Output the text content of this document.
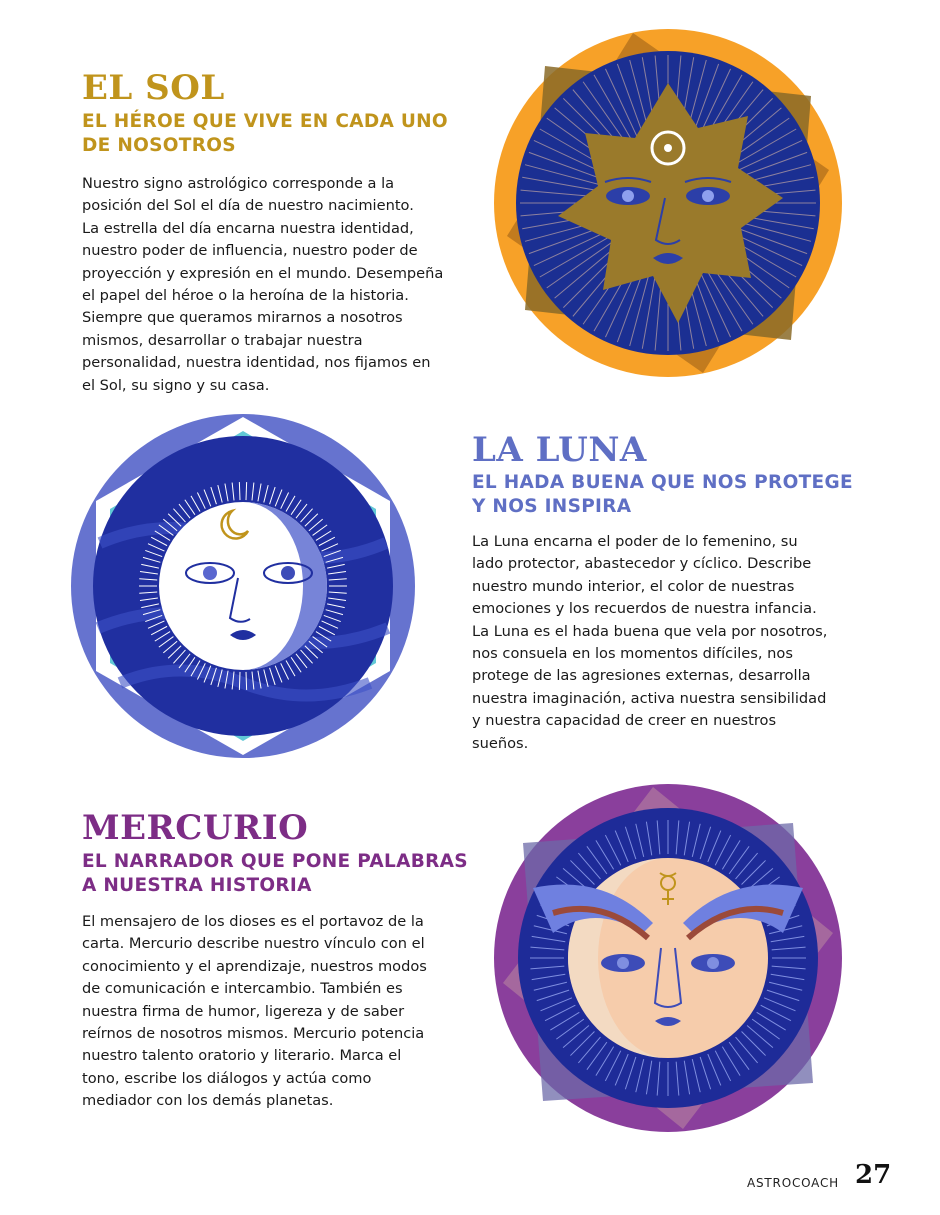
EL SOL
EL HÉROE QUE VIVE EN CADA UNO
DE NOSOTROS
Nuestro signo astrológico corresponde a la
posición del Sol el día de nuestro nacimiento.
La estrella del día encarna nuestra identidad,
nuestro poder de influencia, nuestro poder de
proyección y expresión en el mundo. Desempeña
el papel del héroe o la heroína de la historia.
Siempre que queramos mirarnos a nosotros
mismos, desarrollar o trabajar nuestra
personalidad, nuestra identidad, nos fijamos en
el Sol, su signo y su casa.
LA LUNA
EL HADA BUENA QUE NOS PROTEGE
Y NOS INSPIRA
La Luna encarna el poder de lo femenino, su
lado protector, abastecedor y cíclico. Describe
nuestro mundo interior, el color de nuestras
emociones y los recuerdos de nuestra infancia.
La Luna es el hada buena que vela por nosotros,
nos consuela en los momentos difíciles, nos
protege de las agresiones externas, desarrolla
nuestra imaginación, activa nuestra sensibilidad
y nuestra capacidad de creer en nuestros
sueños.
MERCURIO
EL NARRADOR QUE PONE PALABRAS
A NUESTRA HISTORIA
El mensajero de los dioses es el portavoz de la
carta. Mercurio describe nuestro vínculo con el
conocimiento y el aprendizaje, nuestros modos
de comunicación e intercambio. También es
nuestra firma de humor, ligereza y de saber
reírnos de nosotros mismos. Mercurio potencia
nuestro talento oratorio y literario. Marca el
tono, escribe los diálogos y actúa como
mediador con los demás planetas.
ASTROCOACH 27
